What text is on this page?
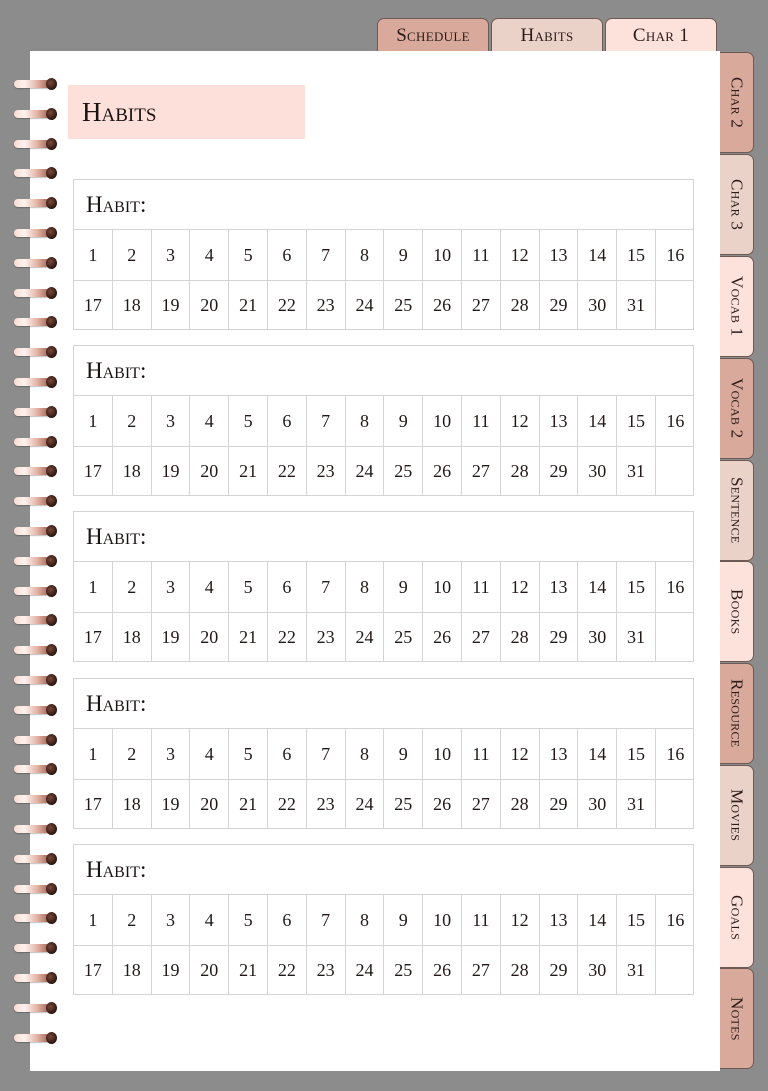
Schedule	Habits	Char 1
Char 2
Char 3
Vocab 1
Vocab 2
Sentence
Books
Resource
Movies
Goals
Notes
Habits
Habit:
1	2	3	4	5	6	7	8	9	10	11	12	13	14	15	16
17	18	19	20	21	22	23	24	25	26	27	28	29	30	31
Habit:
1	2	3	4	5	6	7	8	9	10	11	12	13	14	15	16
17	18	19	20	21	22	23	24	25	26	27	28	29	30	31
Habit:
1	2	3	4	5	6	7	8	9	10	11	12	13	14	15	16
17	18	19	20	21	22	23	24	25	26	27	28	29	30	31
Habit:
1	2	3	4	5	6	7	8	9	10	11	12	13	14	15	16
17	18	19	20	21	22	23	24	25	26	27	28	29	30	31
Habit:
1	2	3	4	5	6	7	8	9	10	11	12	13	14	15	16
17	18	19	20	21	22	23	24	25	26	27	28	29	30	31
